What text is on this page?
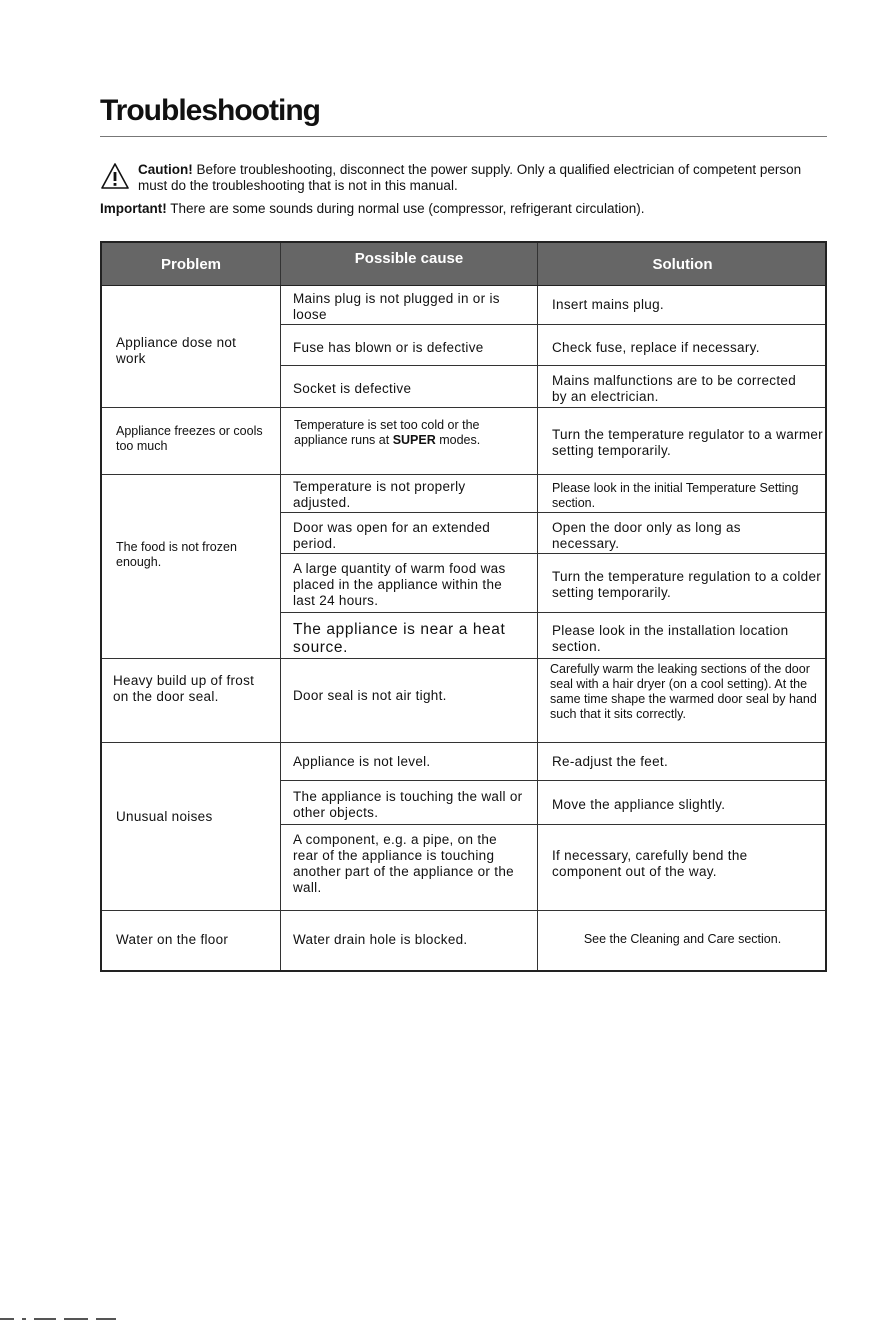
Troubleshooting
Caution! Before troubleshooting, disconnect the power supply. Only a qualified electrician of competent person must do the troubleshooting that is not in this manual.
Important! There are some sounds during normal use (compressor, refrigerant circulation).
Problem	Possible cause	Solution
Appliance dose not work
Appliance freezes or cools too much
The food is not frozen enough.
Heavy build up of frost on the door seal.
Unusual noises
Water on the floor
Mains plug is not plugged in or is loose
Fuse has blown or is defective
Socket is defective
Temperature is set too cold or the appliance runs at SUPER modes.
Temperature is not properly adjusted.
Door was open for an extended period.
A large quantity of warm food was placed in the appliance within the last 24 hours.
The appliance is near a heat source.
Door seal is not air tight.
Appliance is not level.
The appliance is touching the wall or other objects.
A component, e.g. a pipe, on the rear of the appliance is touching another part of the appliance or the wall.
Water drain hole is blocked.
Insert mains plug.
Check fuse, replace if necessary.
Mains malfunctions are to be corrected by an electrician.
Turn the temperature regulator to a warmer setting temporarily.
Please look in the initial Temperature Setting section.
Open the door only as long as necessary.
Turn the temperature regulation to a colder setting temporarily.
Please look in the installation location section.
Carefully warm the leaking sections of the door seal with a hair dryer (on a cool setting). At the same time shape the warmed door seal by hand such that it sits correctly.
Re-adjust the feet.
Move the appliance slightly.
If necessary, carefully bend the component out of the way.
See the Cleaning and Care section.
